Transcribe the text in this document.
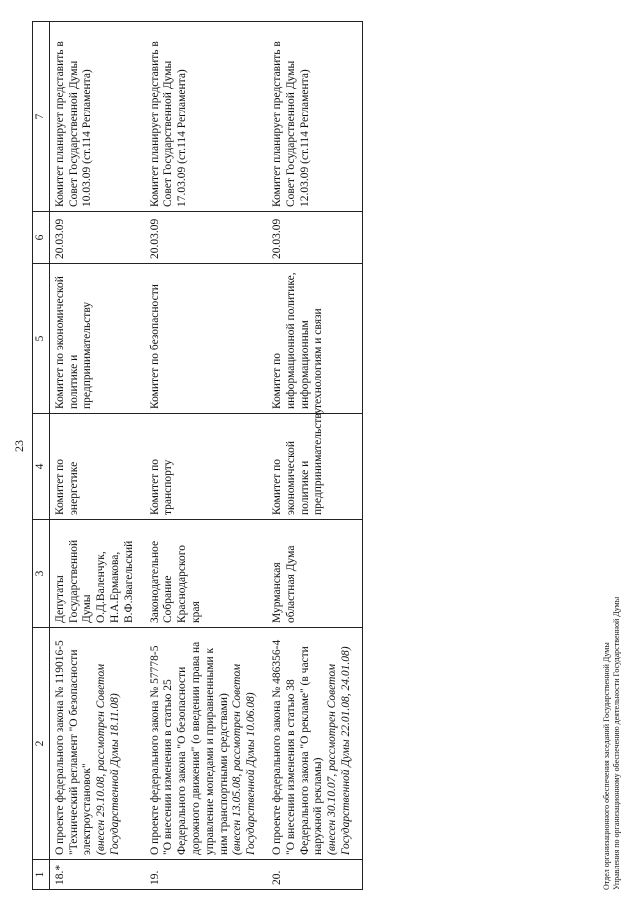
23
1	2	3	4	5	6	7
18.*	О проекте федерального закона № 119016-5 "Технический регламент "О безопасности электроустановок" (внесен 29.10.08, рассмотрен Советом Государственной Думы 18.11.08)	Депутаты Государственной Думы О.Д.Валенчук, Н.А.Ермакова, В.Ф.Звагельский	Комитет по энергетике	Комитет по экономической политике и предпринимательству	20.03.09	Комитет планирует представить в Совет Государственной Думы 10.03.09 (ст.114 Регламента)
19.	О проекте федерального закона № 57778-5 "О внесении изменения в статью 25 Федерального закона "О безопасности дорожного движения" (о введении права на управление мопедами и приравненными к ним транспортными средствами) (внесен 13.05.08, рассмотрен Советом Государственной Думы 10.06.08)	Законодательное Собрание Краснодарского края	Комитет по транспорту	Комитет по безопасности	20.03.09	Комитет планирует представить в Совет Государственной Думы 17.03.09 (ст.114 Регламента)
20.	О проекте федерального закона № 486356-4 "О внесении изменения в статью 38 Федерального закона "О рекламе" (в части наружной рекламы) (внесен 30.10.07, рассмотрен Советом Государственной Думы 22.01.08, 24.01.08)	Мурманская областная Дума	Комитет по экономической политике и предпринимательству	Комитет по информационной политике, информационным технологиям и связи	20.03.09	Комитет планирует представить в Совет Государственной Думы 12.03.09 (ст.114 Регламента)
Отдел организационного обеспечения заседаний Государственной Думы Управления по организационному обеспечению деятельности Государственной Думы
